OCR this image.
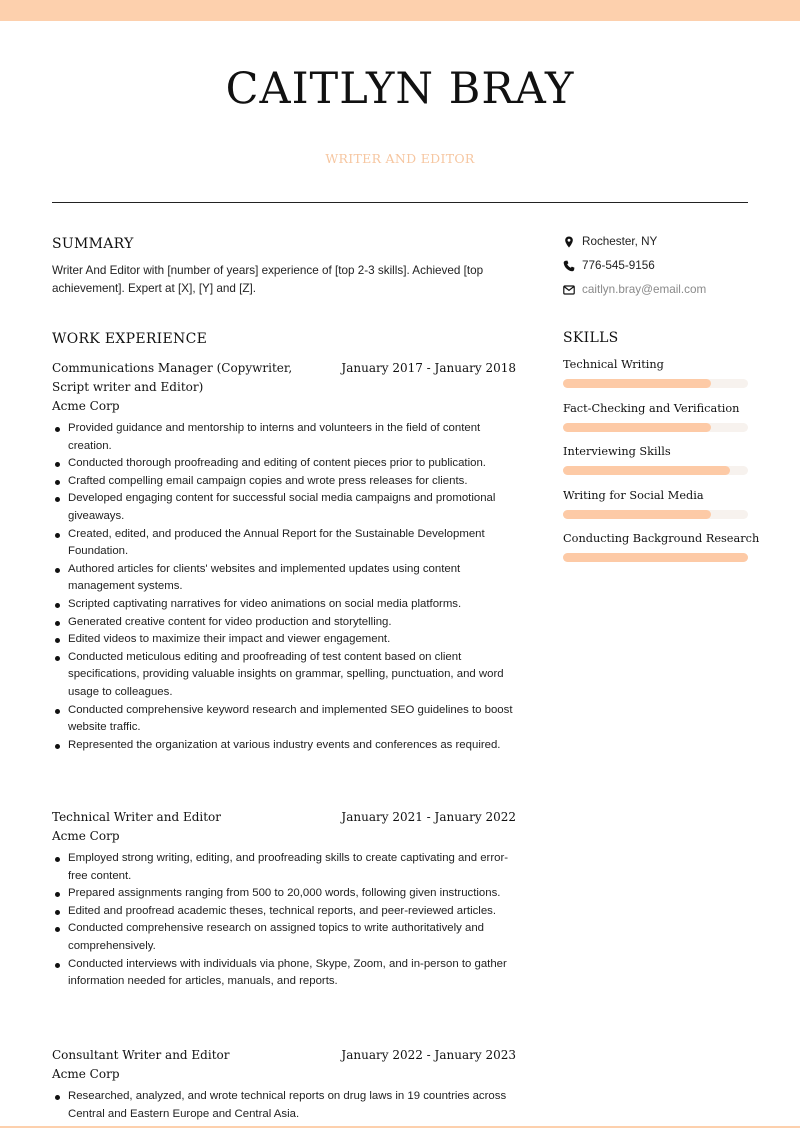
CAITLYN BRAY
WRITER AND EDITOR
SUMMARY
Writer And Editor with [number of years] experience of [top 2-3 skills]. Achieved [top achievement]. Expert at [X], [Y] and [Z].
WORK EXPERIENCE
Communications Manager (Copywriter, Script writer and Editor)
January 2017 - January 2018
Acme Corp
Provided guidance and mentorship to interns and volunteers in the field of content creation.
Conducted thorough proofreading and editing of content pieces prior to publication.
Crafted compelling email campaign copies and wrote press releases for clients.
Developed engaging content for successful social media campaigns and promotional giveaways.
Created, edited, and produced the Annual Report for the Sustainable Development Foundation.
Authored articles for clients' websites and implemented updates using content management systems.
Scripted captivating narratives for video animations on social media platforms.
Generated creative content for video production and storytelling.
Edited videos to maximize their impact and viewer engagement.
Conducted meticulous editing and proofreading of test content based on client specifications, providing valuable insights on grammar, spelling, punctuation, and word usage to colleagues.
Conducted comprehensive keyword research and implemented SEO guidelines to boost website traffic.
Represented the organization at various industry events and conferences as required.
Technical Writer and Editor	January 2021 - January 2022
Acme Corp
Employed strong writing, editing, and proofreading skills to create captivating and error-free content.
Prepared assignments ranging from 500 to 20,000 words, following given instructions.
Edited and proofread academic theses, technical reports, and peer-reviewed articles.
Conducted comprehensive research on assigned topics to write authoritatively and comprehensively.
Conducted interviews with individuals via phone, Skype, Zoom, and in-person to gather information needed for articles, manuals, and reports.
Consultant Writer and Editor	January 2022 - January 2023
Acme Corp
Researched, analyzed, and wrote technical reports on drug laws in 19 countries across Central and Eastern Europe and Central Asia.
Rochester, NY
776-545-9156
caitlyn.bray@email.com
SKILLS
Technical Writing
Fact-Checking and Verification
Interviewing Skills
Writing for Social Media
Conducting Background Research
